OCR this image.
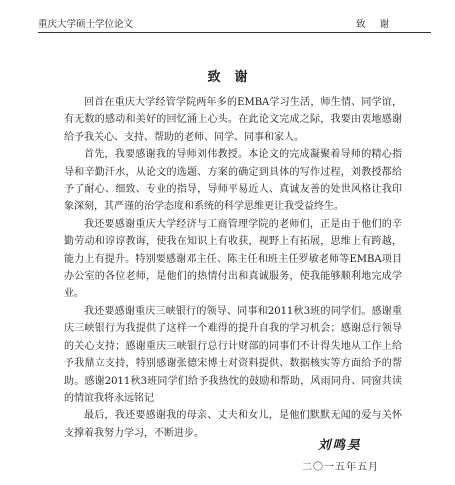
重庆大学硕士学位论文	致谢
致谢

回首在重庆大学经管学院两年多的EMBA学习生活，师生情、同学谊，有无数的感动和美好的回忆涌上心头。在此论文完成之际，我要由衷地感谢给予我关心、支持、帮助的老师、同学、同事和家人。

首先，我要感谢我的导师刘伟教授。本论文的完成凝聚着导师的精心指导和辛勤汗水，从论文的选题、方案的确定到具体的写作过程，刘教授都给予了耐心、细致、专业的指导，导师平易近人、真诚友善的处世风格让我印象深刻，其严谨的治学态度和系统的科学思维更让我受益终生。

我还要感谢重庆大学经济与工商管理学院的老师们，正是由于他们的辛勤劳动和谆谆教诲，使我在知识上有收获，视野上有拓展，思维上有跨越，能力上有提升。特别要感谢邓主任、陈主任和班主任罗敏老师等EMBA项目办公室的各位老师，是他们的热情付出和真诚服务，使我能够顺利地完成学业。

我还要感谢重庆三峡银行的领导、同事和2011秋3班的同学们。感谢重庆三峡银行为我提供了这样一个难得的提升自我的学习机会；感谢总行领导的关心支持；感谢重庆三峡银行总行计财部的同事们不计得失地从工作上给予我鼎立支持，特别感谢张德宋博士对资料提供、数据核实等方面给予的帮助。感谢2011秋3班同学们给予我热忱的鼓励和帮助，风雨同舟、同窗共读的情谊我将永远铭记

最后，我还要感谢我的母亲、丈夫和女儿，是他们默默无闻的爱与关怀支撑着我努力学习，不断进步。

刘鸣昊
二〇一五年五月
